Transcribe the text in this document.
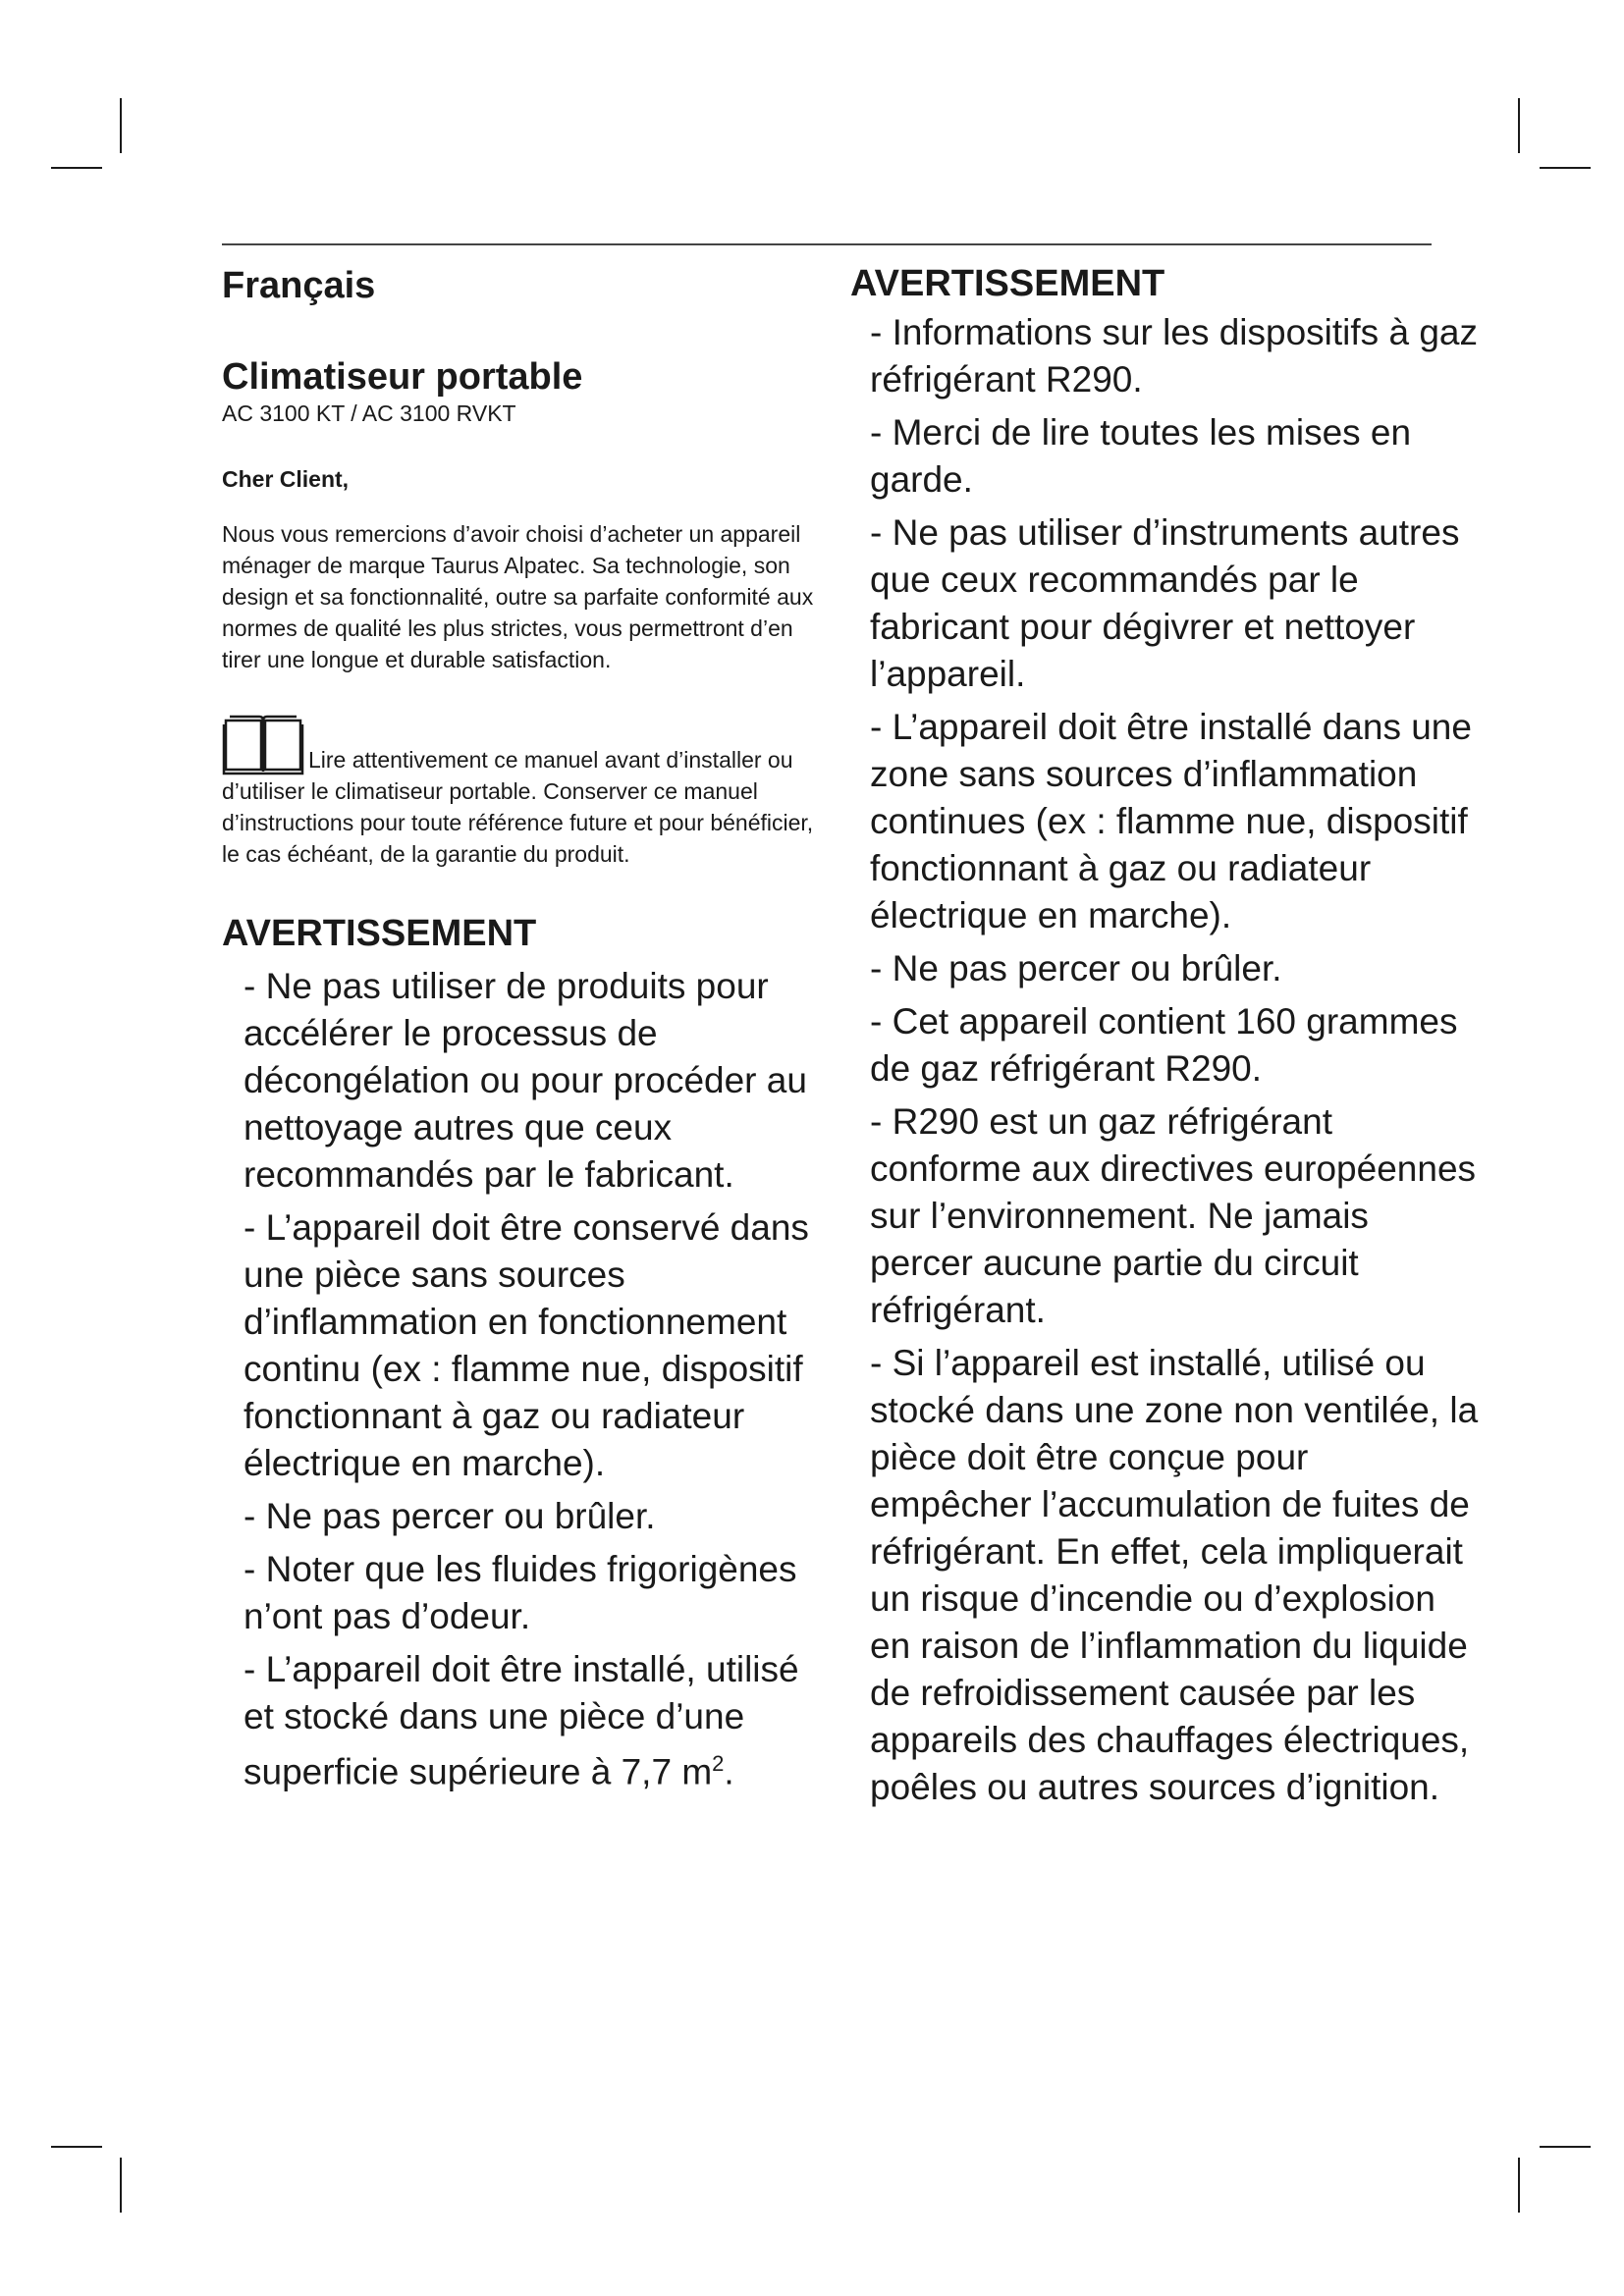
Français
Climatiseur portable
AC 3100 KT / AC 3100 RVKT
Cher Client,
Nous vous remercions d’avoir choisi d’acheter un appareil ménager de marque Taurus Alpatec. Sa technologie, son design et sa fonctionnalité, outre sa parfaite conformité aux normes de qualité les plus strictes, vous permettront d’en tirer une longue et durable satisfaction.
Lire attentivement ce manuel avant d’installer ou d’utiliser le climatiseur portable. Conserver ce manuel d’instructions pour toute référence future et pour bénéficier, le cas échéant, de la garantie du produit.
AVERTISSEMENT
- Ne pas utiliser de produits pour accélérer le processus de décongélation ou pour procéder au nettoyage autres que ceux recommandés par le fabricant.
- L’appareil doit être conservé dans une pièce sans sources d’inflammation en fonctionnement continu (ex : flamme nue, dispositif fonctionnant à gaz ou radiateur électrique en marche).
- Ne pas percer ou brûler.
- Noter que les fluides frigorigènes n’ont pas d’odeur.
- L’appareil doit être installé, utilisé et stocké dans une pièce d’une superficie supérieure à 7,7 $m^2$.
AVERTISSEMENT
- Informations sur les dispositifs à gaz réfrigérant R290.
- Merci de lire toutes les mises en garde.
- Ne pas utiliser d’instruments autres que ceux recommandés par le fabricant pour dégivrer et nettoyer l’appareil.
- L’appareil doit être installé dans une zone sans sources d’inflammation continues (ex : flamme nue, dispositif fonctionnant à gaz ou radiateur électrique en marche).
- Ne pas percer ou brûler.
- Cet appareil contient 160 grammes de gaz réfrigérant R290.
- R290 est un gaz réfrigérant conforme aux directives européennes sur l’environnement. Ne jamais percer aucune partie du circuit réfrigérant.
- Si l’appareil est installé, utilisé ou stocké dans une zone non ventilée, la pièce doit être conçue pour empêcher l’accumulation de fuites de réfrigérant. En effet, cela impliquerait un risque d’incendie ou d’explosion en raison de l’inflammation du liquide de refroidissement causée par les appareils des chauffages électriques, poêles ou autres sources d’ignition.
